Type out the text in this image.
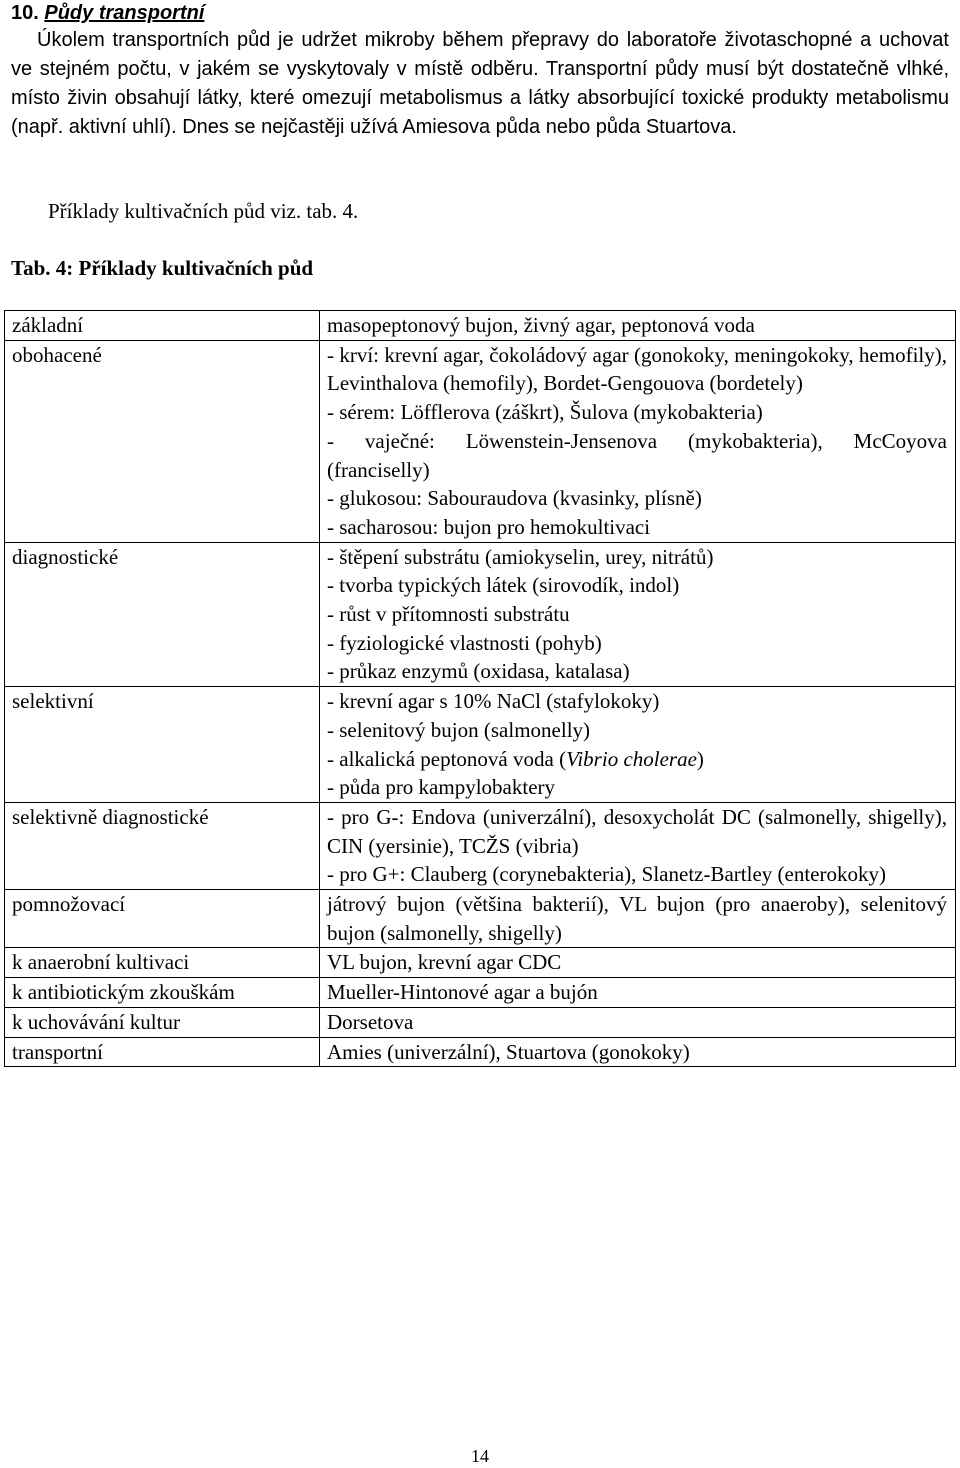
10. Půdy transportní
Úkolem transportních půd je udržet mikroby během přepravy do laboratoře životaschopné a uchovat ve stejném počtu, v jakém se vyskytovaly v místě odběru. Transportní půdy musí být dostatečně vlhké, místo živin obsahují látky, které omezují metabolismus a látky absorbující toxické produkty metabolismu (např. aktivní uhlí). Dnes se nejčastěji užívá Amiesova půda nebo půda Stuartova.
Příklady kultivačních půd viz. tab. 4.
Tab. 4: Příklady kultivačních půd
základní	masopeptonový bujon, živný agar, peptonová voda

obohacené	- krví: krevní agar, čokoládový agar (gonokoky, meningokoky, hemofily), Levinthalova (hemofily), Bordet-Gengouova (bordetely)
- sérem: Löfflerova (záškrt), Šulova (mykobakteria)
- vaječné: Löwenstein-Jensenova (mykobakteria), McCoyova (franciselly)
- glukosou: Sabouraudova (kvasinky, plísně)
- sacharosou: bujon pro hemokultivaci

diagnostické	- štěpení substrátu (amiokyselin, urey, nitrátů)
- tvorba typických látek (sirovodík, indol)
- růst v přítomnosti substrátu
- fyziologické vlastnosti (pohyb)
- průkaz enzymů (oxidasa, katalasa)

selektivní	- krevní agar s 10% NaCl (stafylokoky)
- selenitový bujon (salmonelly)
- alkalická peptonová voda (Vibrio cholerae)
- půda pro kampylobaktery

selektivně diagnostické	- pro G-: Endova (univerzální), desoxycholát DC (salmonelly, shigelly), CIN (yersinie), TCŽS (vibria)
- pro G+: Clauberg (corynebakteria), Slanetz-Bartley (enterokoky)

pomnožovací	játrový bujon (většina bakterií), VL bujon (pro anaeroby), selenitový bujon (salmonelly, shigelly)

k anaerobní kultivaci	VL bujon, krevní agar CDC

k antibiotickým zkouškám	Mueller-Hintonové agar a bujón

k uchovávání kultur	Dorsetova

transportní	Amies (univerzální), Stuartova (gonokoky)
14
